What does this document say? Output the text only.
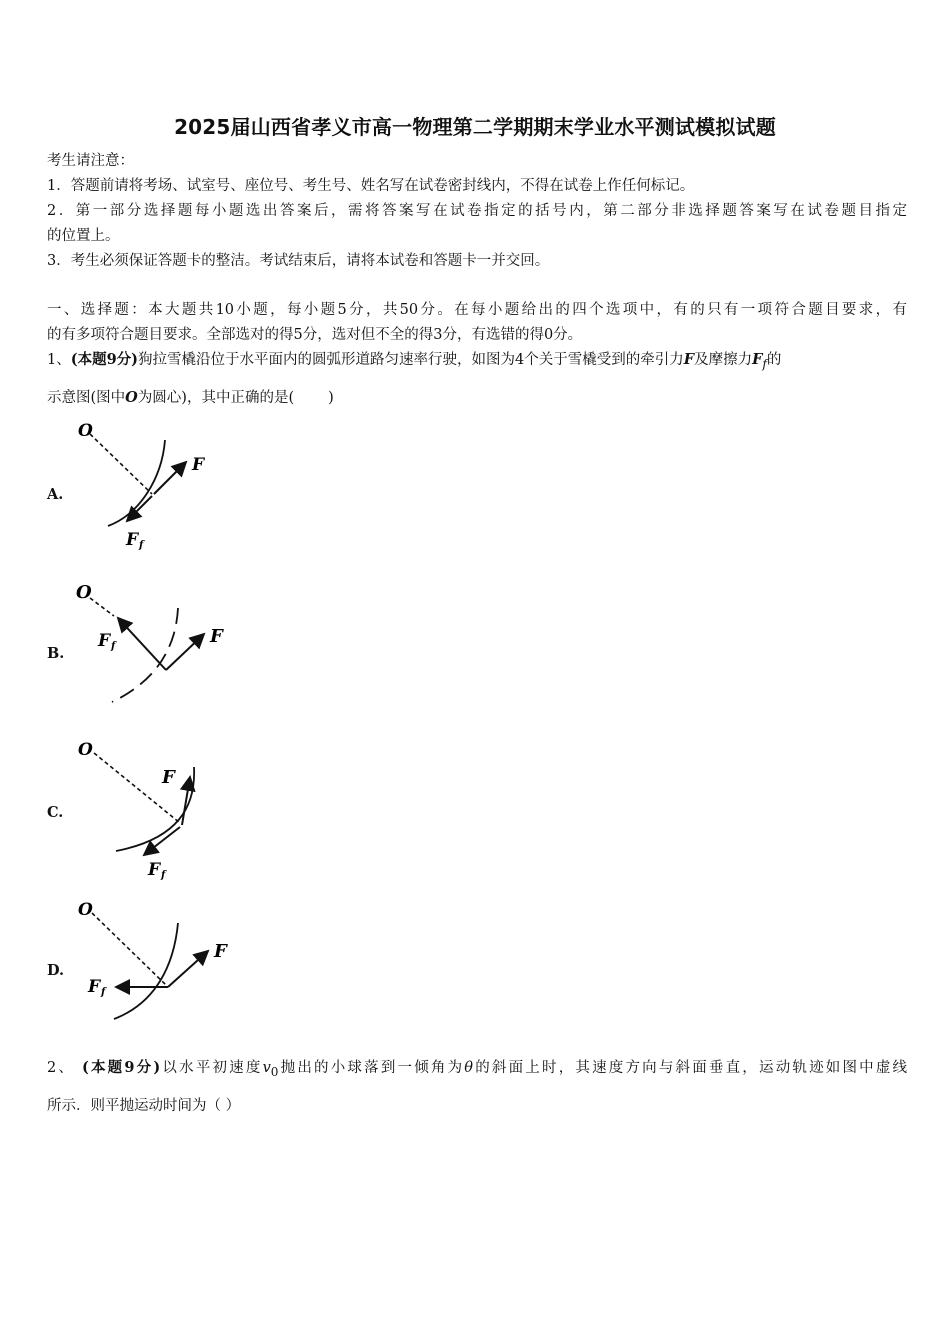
2025届山西省孝义市高一物理第二学期期末学业水平测试模拟试题
考生请注意：
1．答题前请将考场、试室号、座位号、考生号、姓名写在试卷密封线内，不得在试卷上作任何标记。
2．第一部分选择题每小题选出答案后，需将答案写在试卷指定的括号内，第二部分非选择题答案写在试卷题目指定
的位置上。
3．考生必须保证答题卡的整洁。考试结束后，请将本试卷和答题卡一并交回。
一、选择题：本大题共10小题，每小题5分，共50分。在每小题给出的四个选项中，有的只有一项符合题目要求，有
的有多项符合题目要求。全部选对的得5分，选对但不全的得3分，有选错的得0分。
1、(本题9分)狗拉雪橇沿位于水平面内的圆弧形道路匀速率行驶，如图为4个关于雪橇受到的牵引力F及摩擦力$F_f$的
示意图(图中O为圆心)，其中正确的是( )
A.
O
F
F f
B.
O
F f	F
C.
O
F
F f
D.
O
F
F f
2、 (本题9分)以水平初速度$v_0$抛出的小球落到一倾角为θ的斜面上时，其速度方向与斜面垂直，运动轨迹如图中虚线
所示．则平抛运动时间为（ ）
